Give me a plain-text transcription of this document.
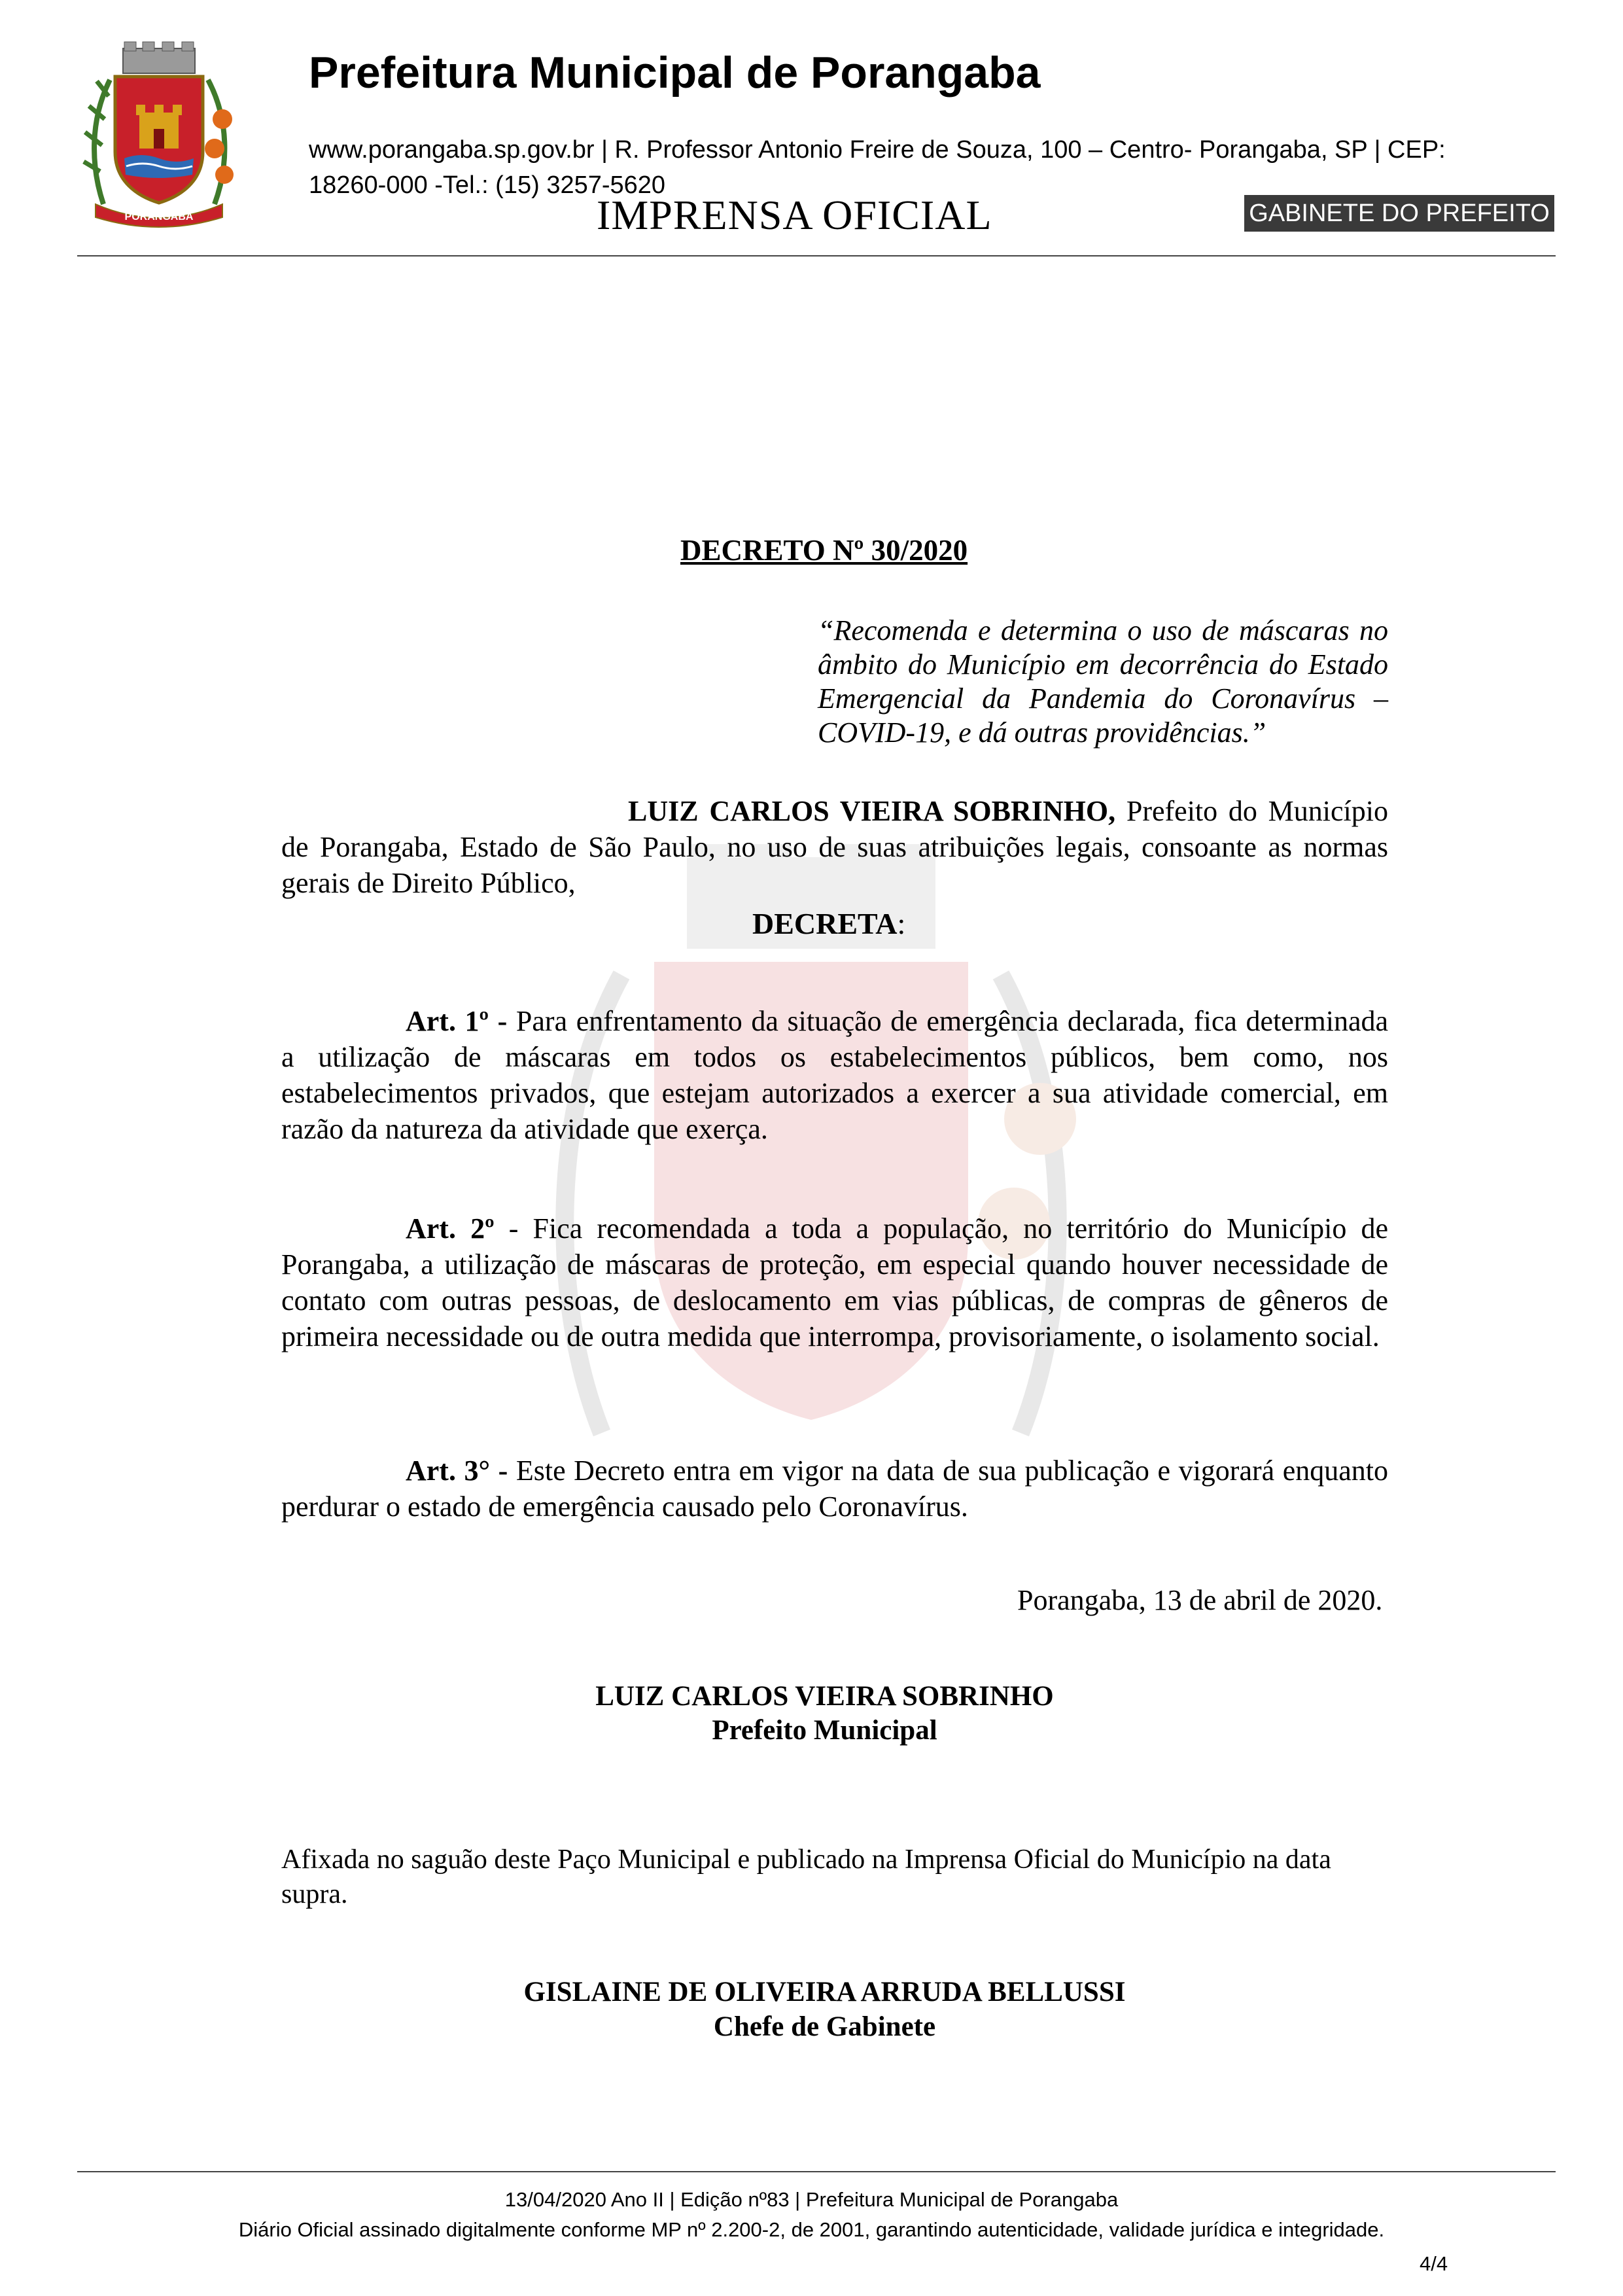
PORANGABA
Prefeitura Municipal de Porangaba
www.porangaba.sp.gov.br | R. Professor Antonio Freire de Souza, 100 – Centro- Porangaba, SP | CEP: 18260-000 -Tel.: (15) 3257-5620
IMPRENSA OFICIAL	GABINETE DO PREFEITO
DECRETO Nº 30/2020
“Recomenda e determina o uso de máscaras no âmbito do Município em decorrência do Estado Emergencial da Pandemia do Coronavírus – COVID-19, e dá outras providências.”
LUIZ CARLOS VIEIRA SOBRINHO, Prefeito do Município de Porangaba, Estado de São Paulo, no uso de suas atribuições legais, consoante as normas gerais de Direito Público,
DECRETA:
Art. 1º - Para enfrentamento da situação de emergência declarada, fica determinada a utilização de máscaras em todos os estabelecimentos públicos, bem como, nos estabelecimentos privados, que estejam autorizados a exercer a sua atividade comercial, em razão da natureza da atividade que exerça.
Art. 2º - Fica recomendada a toda a população, no território do Município de Porangaba, a utilização de máscaras de proteção, em especial quando houver necessidade de contato com outras pessoas, de deslocamento em vias públicas, de compras de gêneros de primeira necessidade ou de outra medida que interrompa, provisoriamente, o isolamento social.
Art. 3° - Este Decreto entra em vigor na data de sua publicação e vigorará enquanto perdurar o estado de emergência causado pelo Coronavírus.
Porangaba, 13 de abril de 2020.
LUIZ CARLOS VIEIRA SOBRINHO
Prefeito Municipal
Afixada no saguão deste Paço Municipal e publicado na Imprensa Oficial do Município na data supra.
GISLAINE DE OLIVEIRA ARRUDA BELLUSSI
Chefe de Gabinete
13/04/2020 Ano II | Edição nº83 | Prefeitura Municipal de Porangaba
Diário Oficial assinado digitalmente conforme MP nº 2.200-2, de 2001, garantindo autenticidade, validade jurídica e integridade.
4/4
